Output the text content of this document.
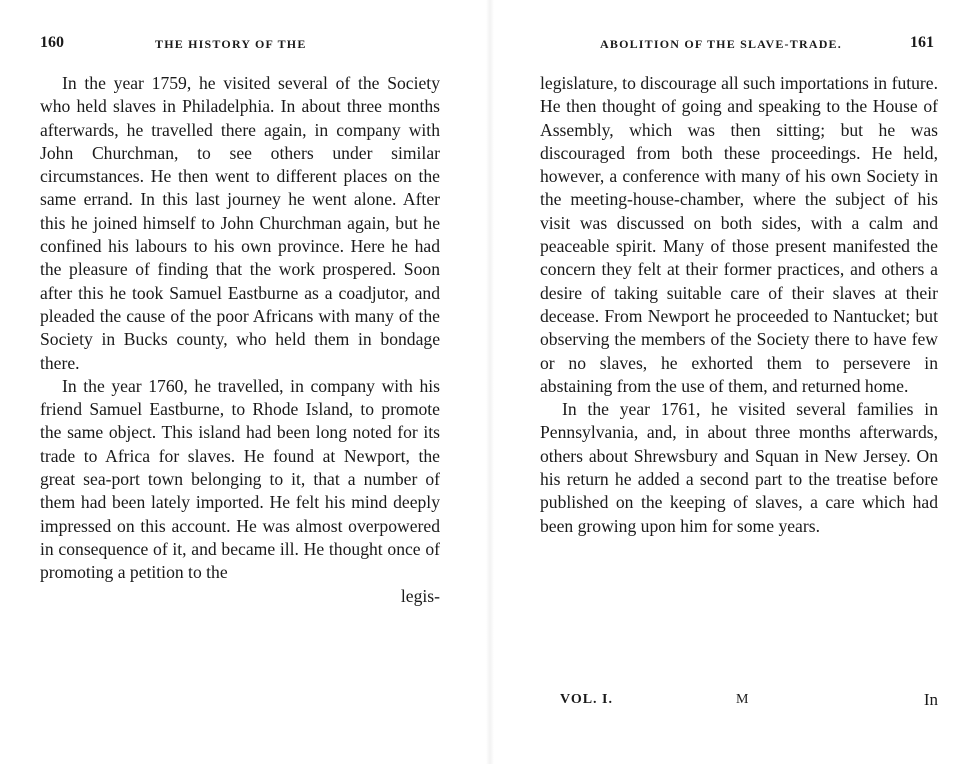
160	THE HISTORY OF THE

In the year 1759, he visited several of the Society who held slaves in Philadelphia. In about three months afterwards, he travelled there again, in company with John Churchman, to see others under similar circumstances. He then went to different places on the same errand. In this last journey he went alone. After this he joined himself to John Churchman again, but he confined his labours to his own province. Here he had the pleasure of finding that the work prospered. Soon after this he took Samuel Eastburne as a coadjutor, and pleaded the cause of the poor Africans with many of the Society in Bucks county, who held them in bondage there.

In the year 1760, he travelled, in company with his friend Samuel Eastburne, to Rhode Island, to promote the same object. This island had been long noted for its trade to Africa for slaves. He found at Newport, the great sea-port town belonging to it, that a number of them had been lately imported. He felt his mind deeply impressed on this account. He was almost overpowered in consequence of it, and became ill. He thought once of promoting a petition to the

legis-

ABOLITION OF THE SLAVE-TRADE.	161

legislature, to discourage all such importations in future. He then thought of going and speaking to the House of Assembly, which was then sitting; but he was discouraged from both these proceedings. He held, however, a conference with many of his own Society in the meeting-house-chamber, where the subject of his visit was discussed on both sides, with a calm and peaceable spirit. Many of those present manifested the concern they felt at their former practices, and others a desire of taking suitable care of their slaves at their decease. From Newport he proceeded to Nantucket; but observing the members of the Society there to have few or no slaves, he exhorted them to persevere in abstaining from the use of them, and returned home.

In the year 1761, he visited several families in Pennsylvania, and, in about three months afterwards, others about Shrewsbury and Squan in New Jersey. On his return he added a second part to the treatise before published on the keeping of slaves, a care which had been growing upon him for some years.

VOL. I.	M	In
